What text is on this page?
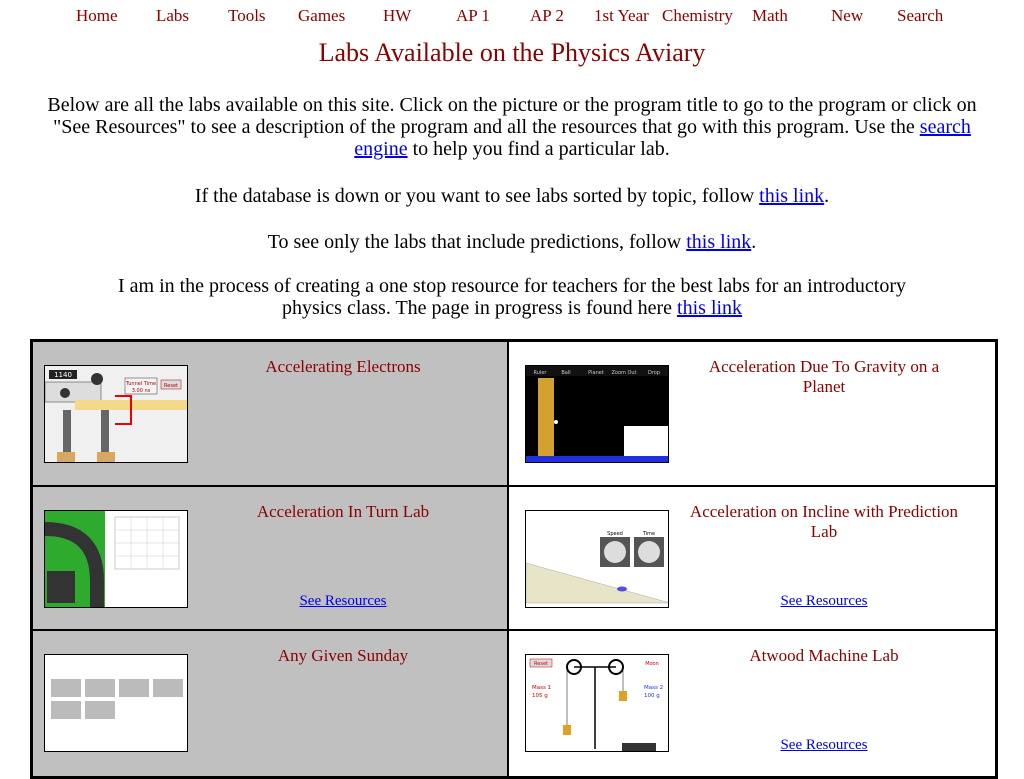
Home Labs Tools Games HW	AP 1 AP 2 1st Year Chemistry Math	New Search
Labs Available on the Physics Aviary
Below are all the labs available on this site. Click on the picture or the program title to go to the program or click on "See Resources" to see a description of the program and all the resources that go with this program. Use the search engine to help you find a particular lab.
If the database is down or you want to see labs sorted by topic, follow this link.
To see only the labs that include predictions, follow this link.
I am in the process of creating a one stop resource for teachers for the best labs for an introductory physics class. The page in progress is found here this link
1140
Tunnel Time
3.00 ns
Reset
Accelerating Electrons	Ruler	Ball	Planet Zoom Out Drop	Acceleration Due To Gravity on a Planet
Acceleration In Turn Lab
See Resources
Speed	Time
Acceleration on Incline with Prediction Lab
See Resources
Any Given Sunday	Reset	Moon
Mass 1
105 g
Mass 2
100 g
Atwood Machine Lab
See Resources
